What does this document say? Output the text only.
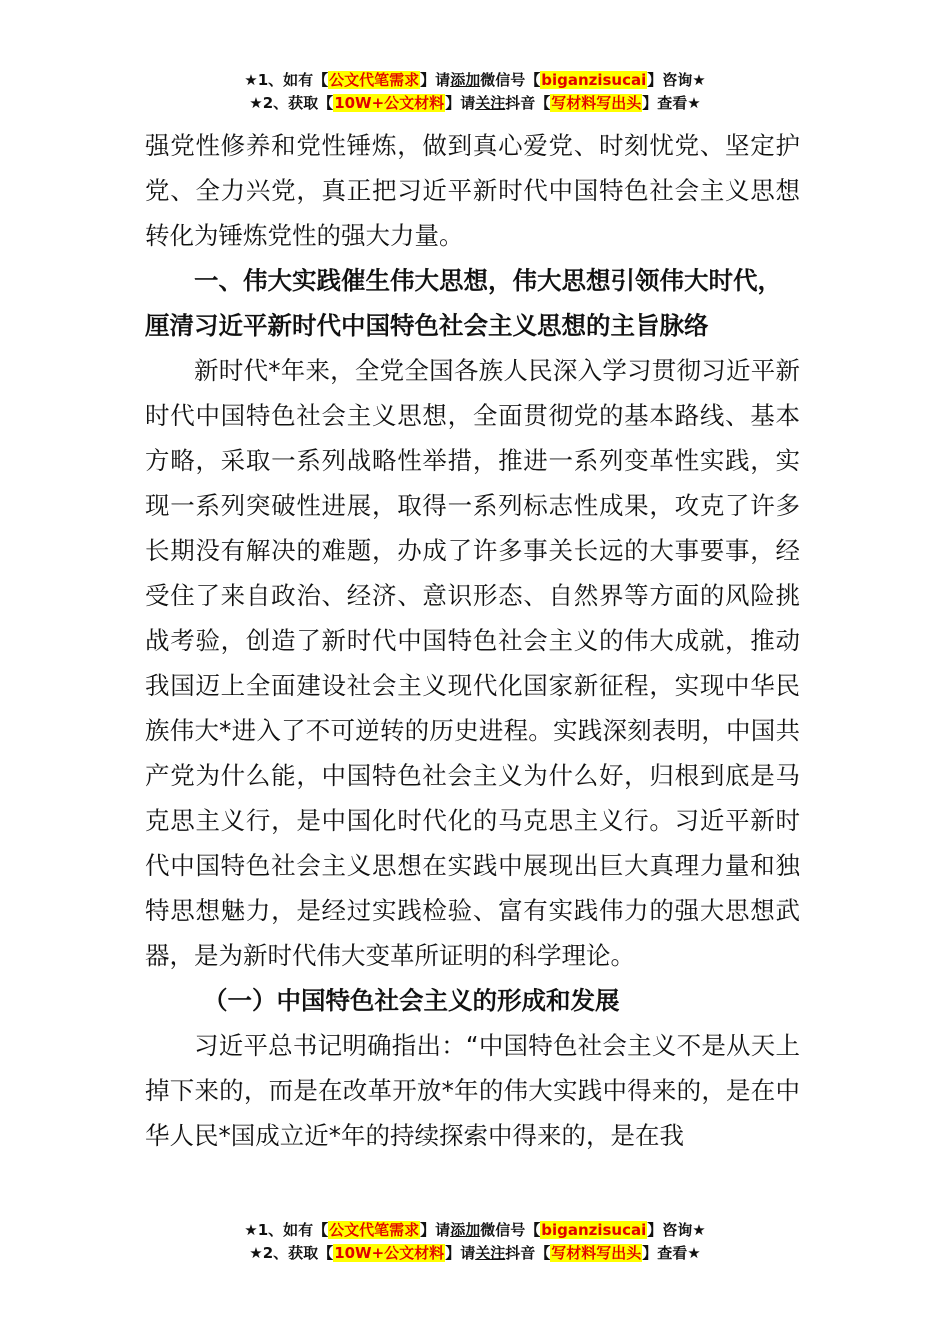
★1、如有【公文代笔需求】请添加微信号【biganzisucai】咨询★
★2、获取【10W+公文材料】请关注抖音【写材料写出头】查看★

强党性修养和党性锤炼，做到真心爱党、时刻忧党、坚定护党、全力兴党，真正把习近平新时代中国特色社会主义思想转化为锤炼党性的强大力量。

一、伟大实践催生伟大思想，伟大思想引领伟大时代，厘清习近平新时代中国特色社会主义思想的主旨脉络

新时代*年来，全党全国各族人民深入学习贯彻习近平新时代中国特色社会主义思想，全面贯彻党的基本路线、基本方略，采取一系列战略性举措，推进一系列变革性实践，实现一系列突破性进展，取得一系列标志性成果，攻克了许多长期没有解决的难题，办成了许多事关长远的大事要事，经受住了来自政治、经济、意识形态、自然界等方面的风险挑战考验，创造了新时代中国特色社会主义的伟大成就，推动我国迈上全面建设社会主义现代化国家新征程，实现中华民族伟大*进入了不可逆转的历史进程。实践深刻表明，中国共产党为什么能，中国特色社会主义为什么好，归根到底是马克思主义行，是中国化时代化的马克思主义行。习近平新时代中国特色社会主义思想在实践中展现出巨大真理力量和独特思想魅力，是经过实践检验、富有实践伟力的强大思想武器，是为新时代伟大变革所证明的科学理论。

（一）中国特色社会主义的形成和发展

习近平总书记明确指出：“中国特色社会主义不是从天上掉下来的，而是在改革开放*年的伟大实践中得来的，是在中华人民*国成立近*年的持续探索中得来的，是在我

★1、如有【公文代笔需求】请添加微信号【biganzisucai】咨询★
★2、获取【10W+公文材料】请关注抖音【写材料写出头】查看★
